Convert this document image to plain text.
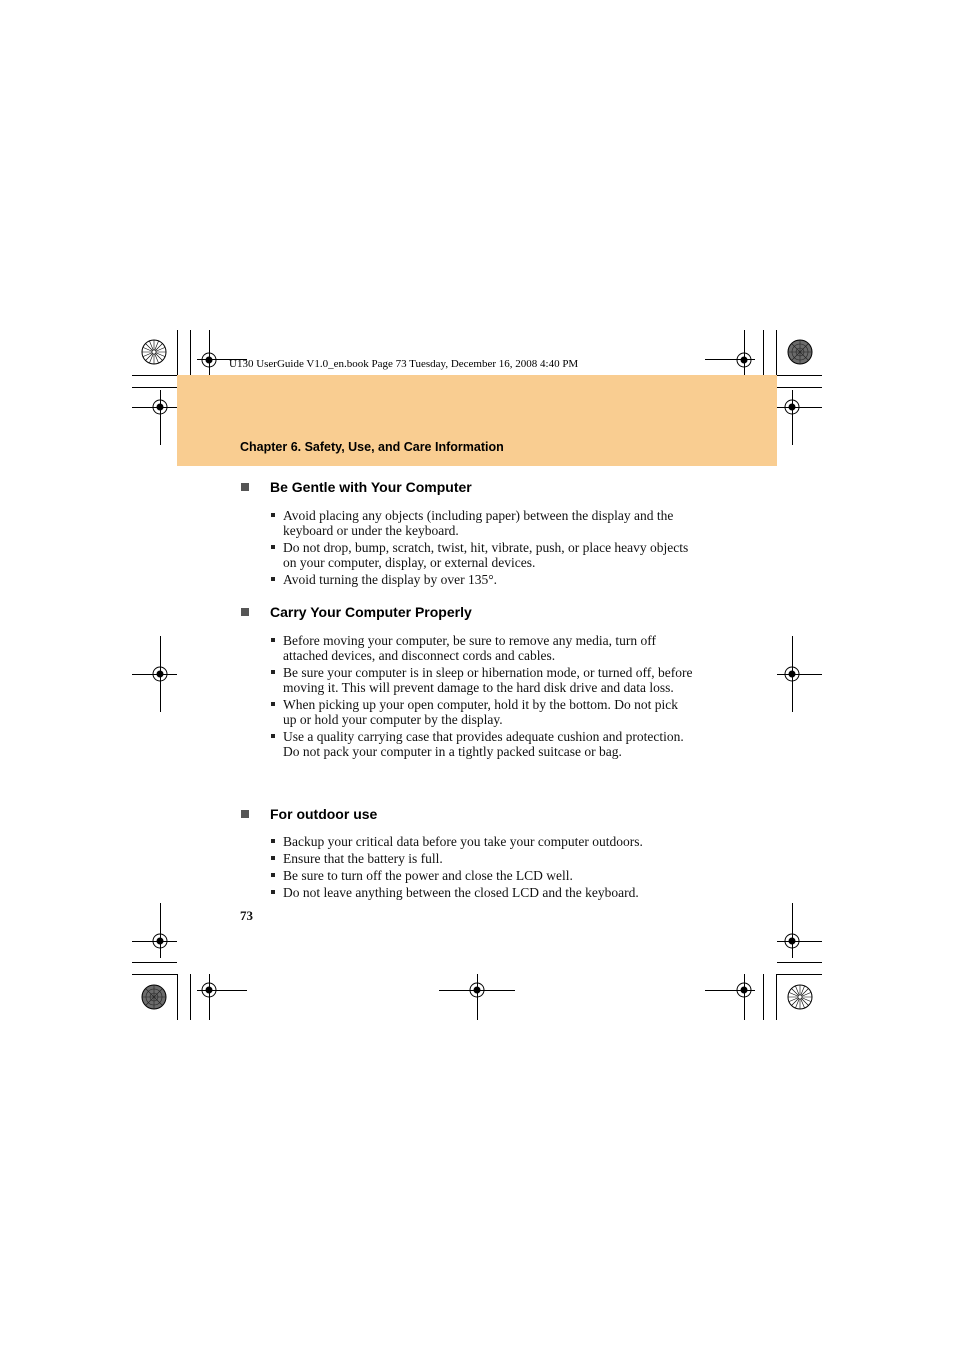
U130 UserGuide V1.0_en.book Page 73 Tuesday, December 16, 2008 4:40 PM
Chapter 6. Safety, Use, and Care Information
Be Gentle with Your Computer
Avoid placing any objects (including paper) between the display and the keyboard or under the keyboard.
Do not drop, bump, scratch, twist, hit, vibrate, push, or place heavy objects on your computer, display, or external devices.
Avoid turning the display by over 135°.
Carry Your Computer Properly
Before moving your computer, be sure to remove any media, turn off attached devices, and disconnect cords and cables.
Be sure your computer is in sleep or hibernation mode, or turned off, before moving it. This will prevent damage to the hard disk drive and data loss.
When picking up your open computer, hold it by the bottom. Do not pick up or hold your computer by the display.
Use a quality carrying case that provides adequate cushion and protection. Do not pack your computer in a tightly packed suitcase or bag.
For outdoor use
Backup your critical data before you take your computer outdoors.
Ensure that the battery is full.
Be sure to turn off the power and close the LCD well.
Do not leave anything between the closed LCD and the keyboard.
73
